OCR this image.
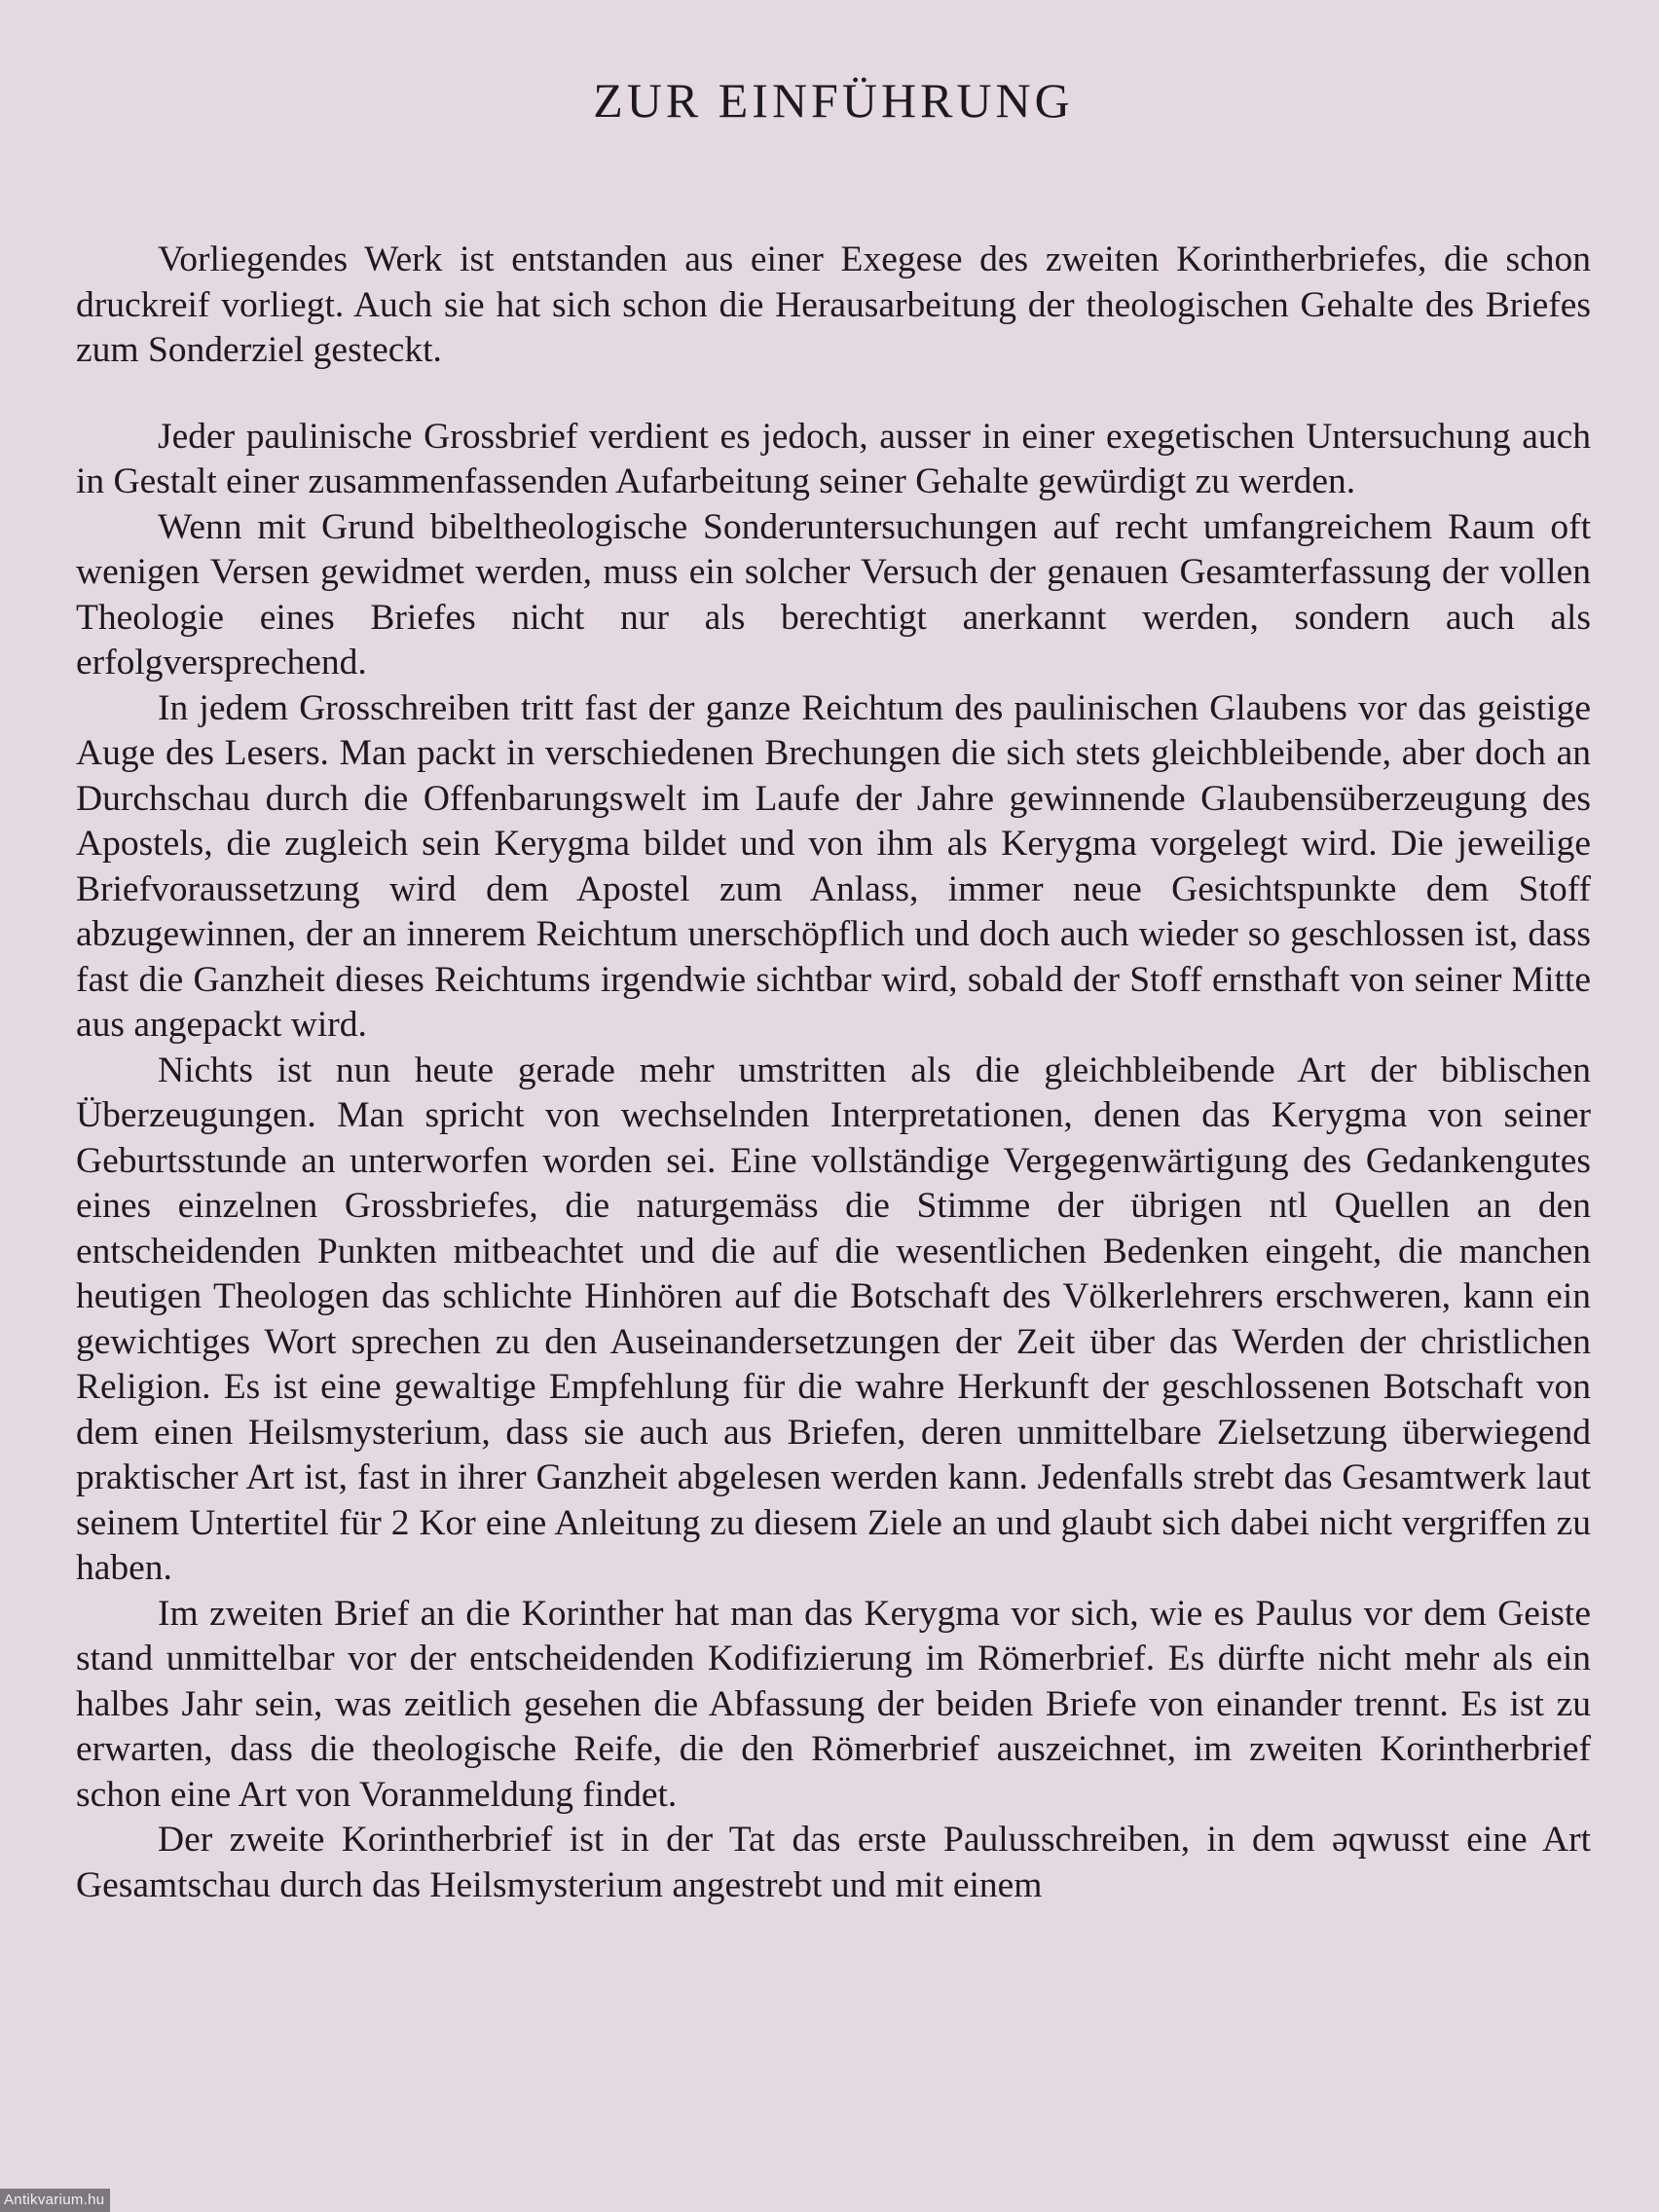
ZUR EINFÜHRUNG

Vorliegendes Werk ist entstanden aus einer Exegese des zweiten Korintherbriefes, die schon druckreif vorliegt. Auch sie hat sich schon die Herausarbeitung der theologischen Gehalte des Briefes zum Sonderziel gesteckt.

Jeder paulinische Grossbrief verdient es jedoch, ausser in einer exegetischen Untersuchung auch in Gestalt einer zusammenfassenden Aufarbeitung seiner Gehalte gewürdigt zu werden.

Wenn mit Grund bibeltheologische Sonderuntersuchungen auf recht umfangreichem Raum oft wenigen Versen gewidmet werden, muss ein solcher Versuch der genauen Gesamterfassung der vollen Theologie eines Briefes nicht nur als berechtigt anerkannt werden, sondern auch als erfolgversprechend.

In jedem Grosschreiben tritt fast der ganze Reichtum des paulinischen Glaubens vor das geistige Auge des Lesers. Man packt in verschiedenen Brechungen die sich stets gleichbleibende, aber doch an Durchschau durch die Offenbarungswelt im Laufe der Jahre gewinnende Glaubensüberzeugung des Apostels, die zugleich sein Kerygma bildet und von ihm als Kerygma vorgelegt wird. Die jeweilige Briefvoraussetzung wird dem Apostel zum Anlass, immer neue Gesichtspunkte dem Stoff abzugewinnen, der an innerem Reichtum unerschöpflich und doch auch wieder so geschlossen ist, dass fast die Ganzheit dieses Reichtums irgendwie sichtbar wird, sobald der Stoff ernsthaft von seiner Mitte aus angepackt wird.

Nichts ist nun heute gerade mehr umstritten als die gleichbleibende Art der biblischen Überzeugungen. Man spricht von wechselnden Interpretationen, denen das Kerygma von seiner Geburtsstunde an unterworfen worden sei. Eine vollständige Vergegenwärtigung des Gedankengutes eines einzelnen Grossbriefes, die naturgemäss die Stimme der übrigen ntl Quellen an den entscheidenden Punkten mitbeachtet und die auf die wesentlichen Bedenken eingeht, die manchen heutigen Theologen das schlichte Hinhören auf die Botschaft des Völkerlehrers erschweren, kann ein gewichtiges Wort sprechen zu den Auseinandersetzungen der Zeit über das Werden der christlichen Religion. Es ist eine gewaltige Empfehlung für die wahre Herkunft der geschlossenen Botschaft von dem einen Heilsmysterium, dass sie auch aus Briefen, deren unmittelbare Zielsetzung überwiegend praktischer Art ist, fast in ihrer Ganzheit abgelesen werden kann. Jedenfalls strebt das Gesamtwerk laut seinem Untertitel für 2 Kor eine Anleitung zu diesem Ziele an und glaubt sich dabei nicht vergriffen zu haben.

Im zweiten Brief an die Korinther hat man das Kerygma vor sich, wie es Paulus vor dem Geiste stand unmittelbar vor der entscheidenden Kodifizierung im Römerbrief. Es dürfte nicht mehr als ein halbes Jahr sein, was zeitlich gesehen die Abfassung der beiden Briefe von einander trennt. Es ist zu erwarten, dass die theologische Reife, die den Römerbrief auszeichnet, im zweiten Korintherbrief schon eine Art von Voranmeldung findet.

Der zweite Korintherbrief ist in der Tat das erste Paulusschreiben, in dem əqwusst eine Art Gesamtschau durch das Heilsmysterium angestrebt und mit einem

Antikvarium.hu
